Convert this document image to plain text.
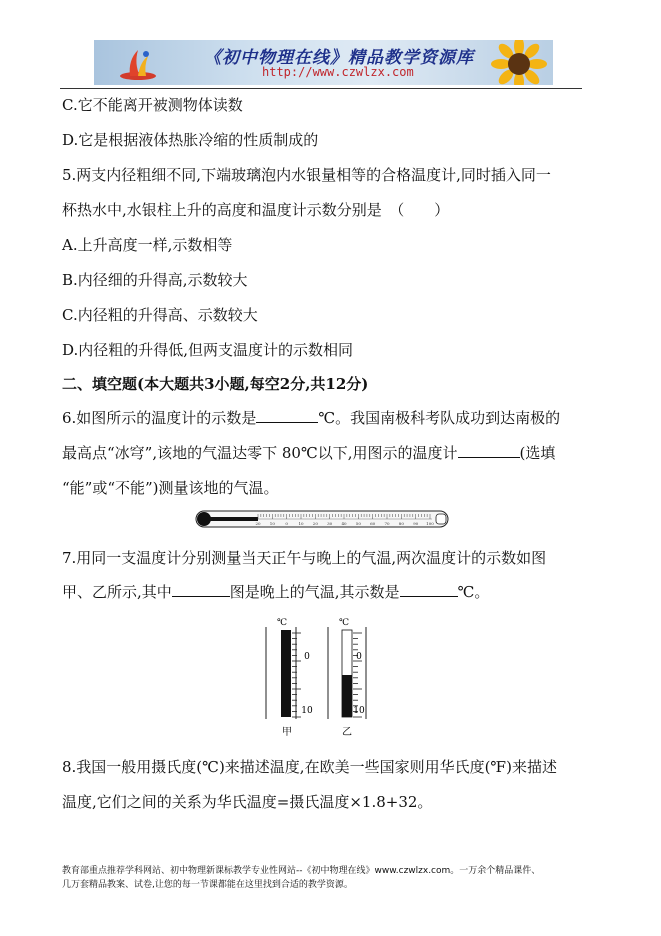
《初中物理在线》精品教学资源库
http://www.czwlzx.com
C.它不能离开被测物体读数
D.它是根据液体热胀冷缩的性质制成的
5.两支内径粗细不同,下端玻璃泡内水银量相等的合格温度计,同时插入同一
杯热水中,水银柱上升的高度和温度计示数分别是　（　　）
A.上升高度一样,示数相等
B.内径细的升得高,示数较大
C.内径粗的升得高、示数较大
D.内径粗的升得低,但两支温度计的示数相同
二、填空题(本大题共3小题,每空2分,共12分)
6.如图所示的温度计的示数是	℃。我国南极科考队成功到达南极的
最高点“冰穹”,该地的气温达零下 80℃以下,用图示的温度计	(选填
“能”或“不能”)测量该地的气温。
20 10	0	10 20 30 40 50 60 70 80 90 100
7.用同一支温度计分别测量当天正午与晚上的气温,两次温度计的示数如图
甲、乙所示,其中	图是晚上的气温,其示数是	℃。
℃
0
10
甲
℃
0
10
乙
8.我国一般用摄氏度(℃)来描述温度,在欧美一些国家则用华氏度(℉)来描述
温度,它们之间的关系为华氏温度=摄氏温度×1.8+32。
教育部重点推荐学科网站、初中物理新课标教学专业性网站--《初中物理在线》www.czwlzx.com。一万余个精品课件、
几万套精品教案、试卷,让您的每一节课都能在这里找到合适的教学资源。
